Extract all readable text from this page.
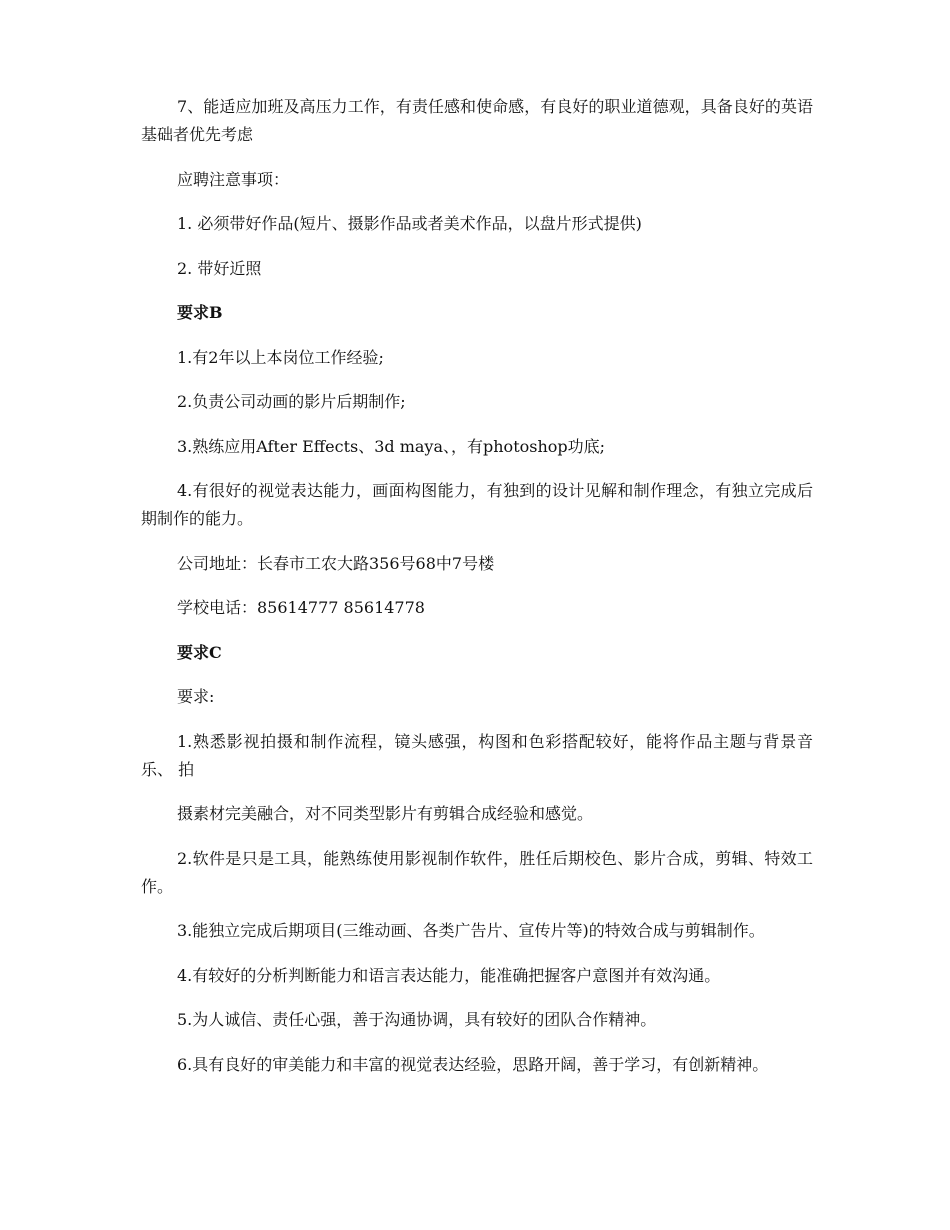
7、能适应加班及高压力工作，有责任感和使命感，有良好的职业道德观，具备良好的英语基础者优先考虑

应聘注意事项：

1. 必须带好作品(短片、摄影作品或者美术作品，以盘片形式提供)

2. 带好近照

要求B

1.有2年以上本岗位工作经验;

2.负责公司动画的影片后期制作;

3.熟练应用After Effects、3d maya、，有photoshop功底;

4.有很好的视觉表达能力，画面构图能力，有独到的设计见解和制作理念，有独立完成后期制作的能力。

公司地址：长春市工农大路356号68中7号楼

学校电话：85614777 85614778

要求C

要求:

1.熟悉影视拍摄和制作流程，镜头感强，构图和色彩搭配较好，能将作品主题与背景音乐、 拍

摄素材完美融合，对不同类型影片有剪辑合成经验和感觉。

2.软件是只是工具，能熟练使用影视制作软件，胜任后期校色、影片合成，剪辑、特效工作。

3.能独立完成后期项目(三维动画、各类广告片、宣传片等)的特效合成与剪辑制作。

4.有较好的分析判断能力和语言表达能力，能准确把握客户意图并有效沟通。

5.为人诚信、责任心强，善于沟通协调，具有较好的团队合作精神。

6.具有良好的审美能力和丰富的视觉表达经验，思路开阔，善于学习，有创新精神。
